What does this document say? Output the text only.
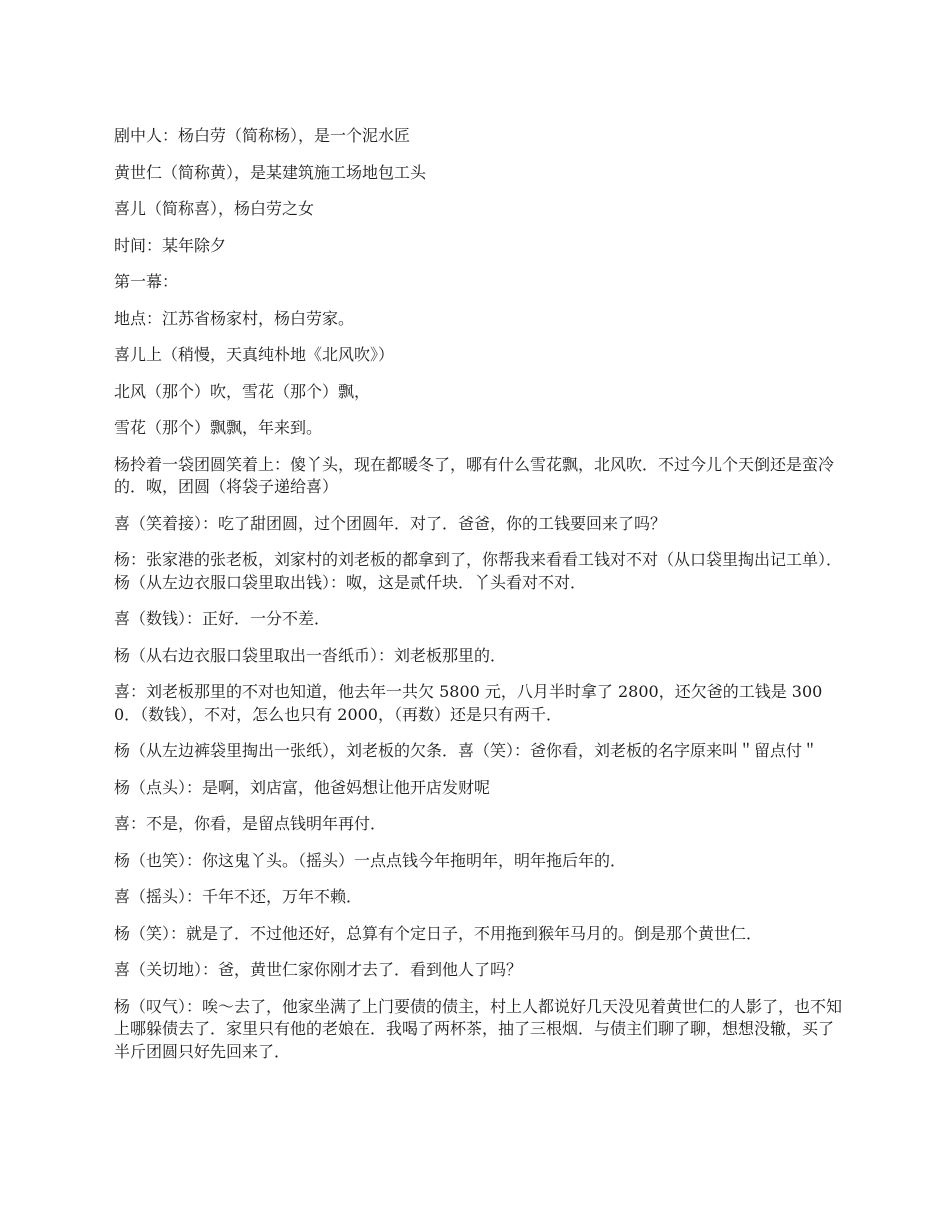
剧中人：杨白劳（简称杨），是一个泥水匠

黄世仁（简称黄），是某建筑施工场地包工头

喜儿（简称喜），杨白劳之女

时间：某年除夕

第一幕：

地点：江苏省杨家村，杨白劳家。

喜儿上（稍慢，天真纯朴地《北风吹》）

北风（那个）吹，雪花（那个）飘，

雪花（那个）飘飘，年来到。

杨拎着一袋团圆笑着上：傻丫头，现在都暖冬了，哪有什么雪花飘，北风吹．不过今儿个天倒还是蛮冷的．呶，团圆（将袋子递给喜）

喜（笑着接）：吃了甜团圆，过个团圆年．对了．爸爸，你的工钱要回来了吗？

杨：张家港的张老板，刘家村的刘老板的都拿到了，你帮我来看看工钱对不对（从口袋里掏出记工单）．杨（从左边衣服口袋里取出钱）：呶，这是贰仟块．丫头看对不对．

喜（数钱）：正好．一分不差．

杨（从右边衣服口袋里取出一沓纸币）：刘老板那里的．

喜：刘老板那里的不对也知道，他去年一共欠 5800 元，八月半时拿了 2800，还欠爸的工钱是 3000．（数钱），不对，怎么也只有 2000，（再数）还是只有两千．

杨（从左边裤袋里掏出一张纸），刘老板的欠条．喜（笑）：爸你看，刘老板的名字原来叫＂留点付＂

杨（点头）：是啊，刘店富，他爸妈想让他开店发财呢

喜：不是，你看，是留点钱明年再付．

杨（也笑）：你这鬼丫头。（摇头）一点点钱今年拖明年，明年拖后年的．

喜（摇头）：千年不还，万年不赖．

杨（笑）：就是了．不过他还好，总算有个定日子，不用拖到猴年马月的。倒是那个黄世仁．

喜（关切地）：爸，黄世仁家你刚才去了．看到他人了吗？

杨（叹气）：唉～去了，他家坐满了上门要债的债主，村上人都说好几天没见着黄世仁的人影了，也不知上哪躲债去了．家里只有他的老娘在．我喝了两杯茶，抽了三根烟．与债主们聊了聊，想想没辙，买了半斤团圆只好先回来了．
